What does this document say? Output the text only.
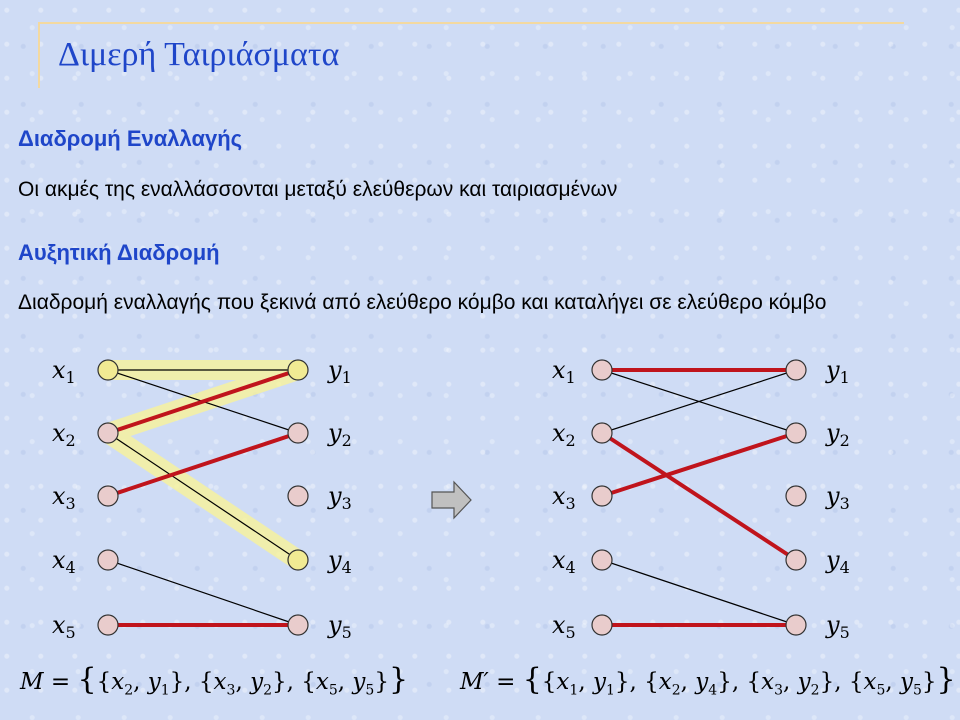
Διμερή Ταιριάσματα
Διαδρομή Εναλλαγής

Οι ακμές της εναλλάσσονται μεταξύ ελεύθερων και ταιριασμένων

Αυξητική Διαδρομή

Διαδρομή εναλλαγής που ξεκινά από ελεύθερο κόμβο και καταλήγει σε ελεύθερο κόμβο

$x_1$
$x_2$
$x_3$
$x_4$
$x_5$
$y_1$
$y_2$
$y_3$
$y_4$
$y_5$
$x_1$
$x_2$
$x_3$
$x_4$
$x_5$
$y_1$
$y_2$
$y_3$
$y_4$
$y_5$
$M = \{\{x_2$, $y_1$}, {$x_3$, $y_2$}, {$x_5$, $y_5$}} $M' = \{\{x_1$, $y_1$}, {$x_2$, $y_4$}, {$x_3$, $y_2$}, {$x_5$, $y_5$}}
